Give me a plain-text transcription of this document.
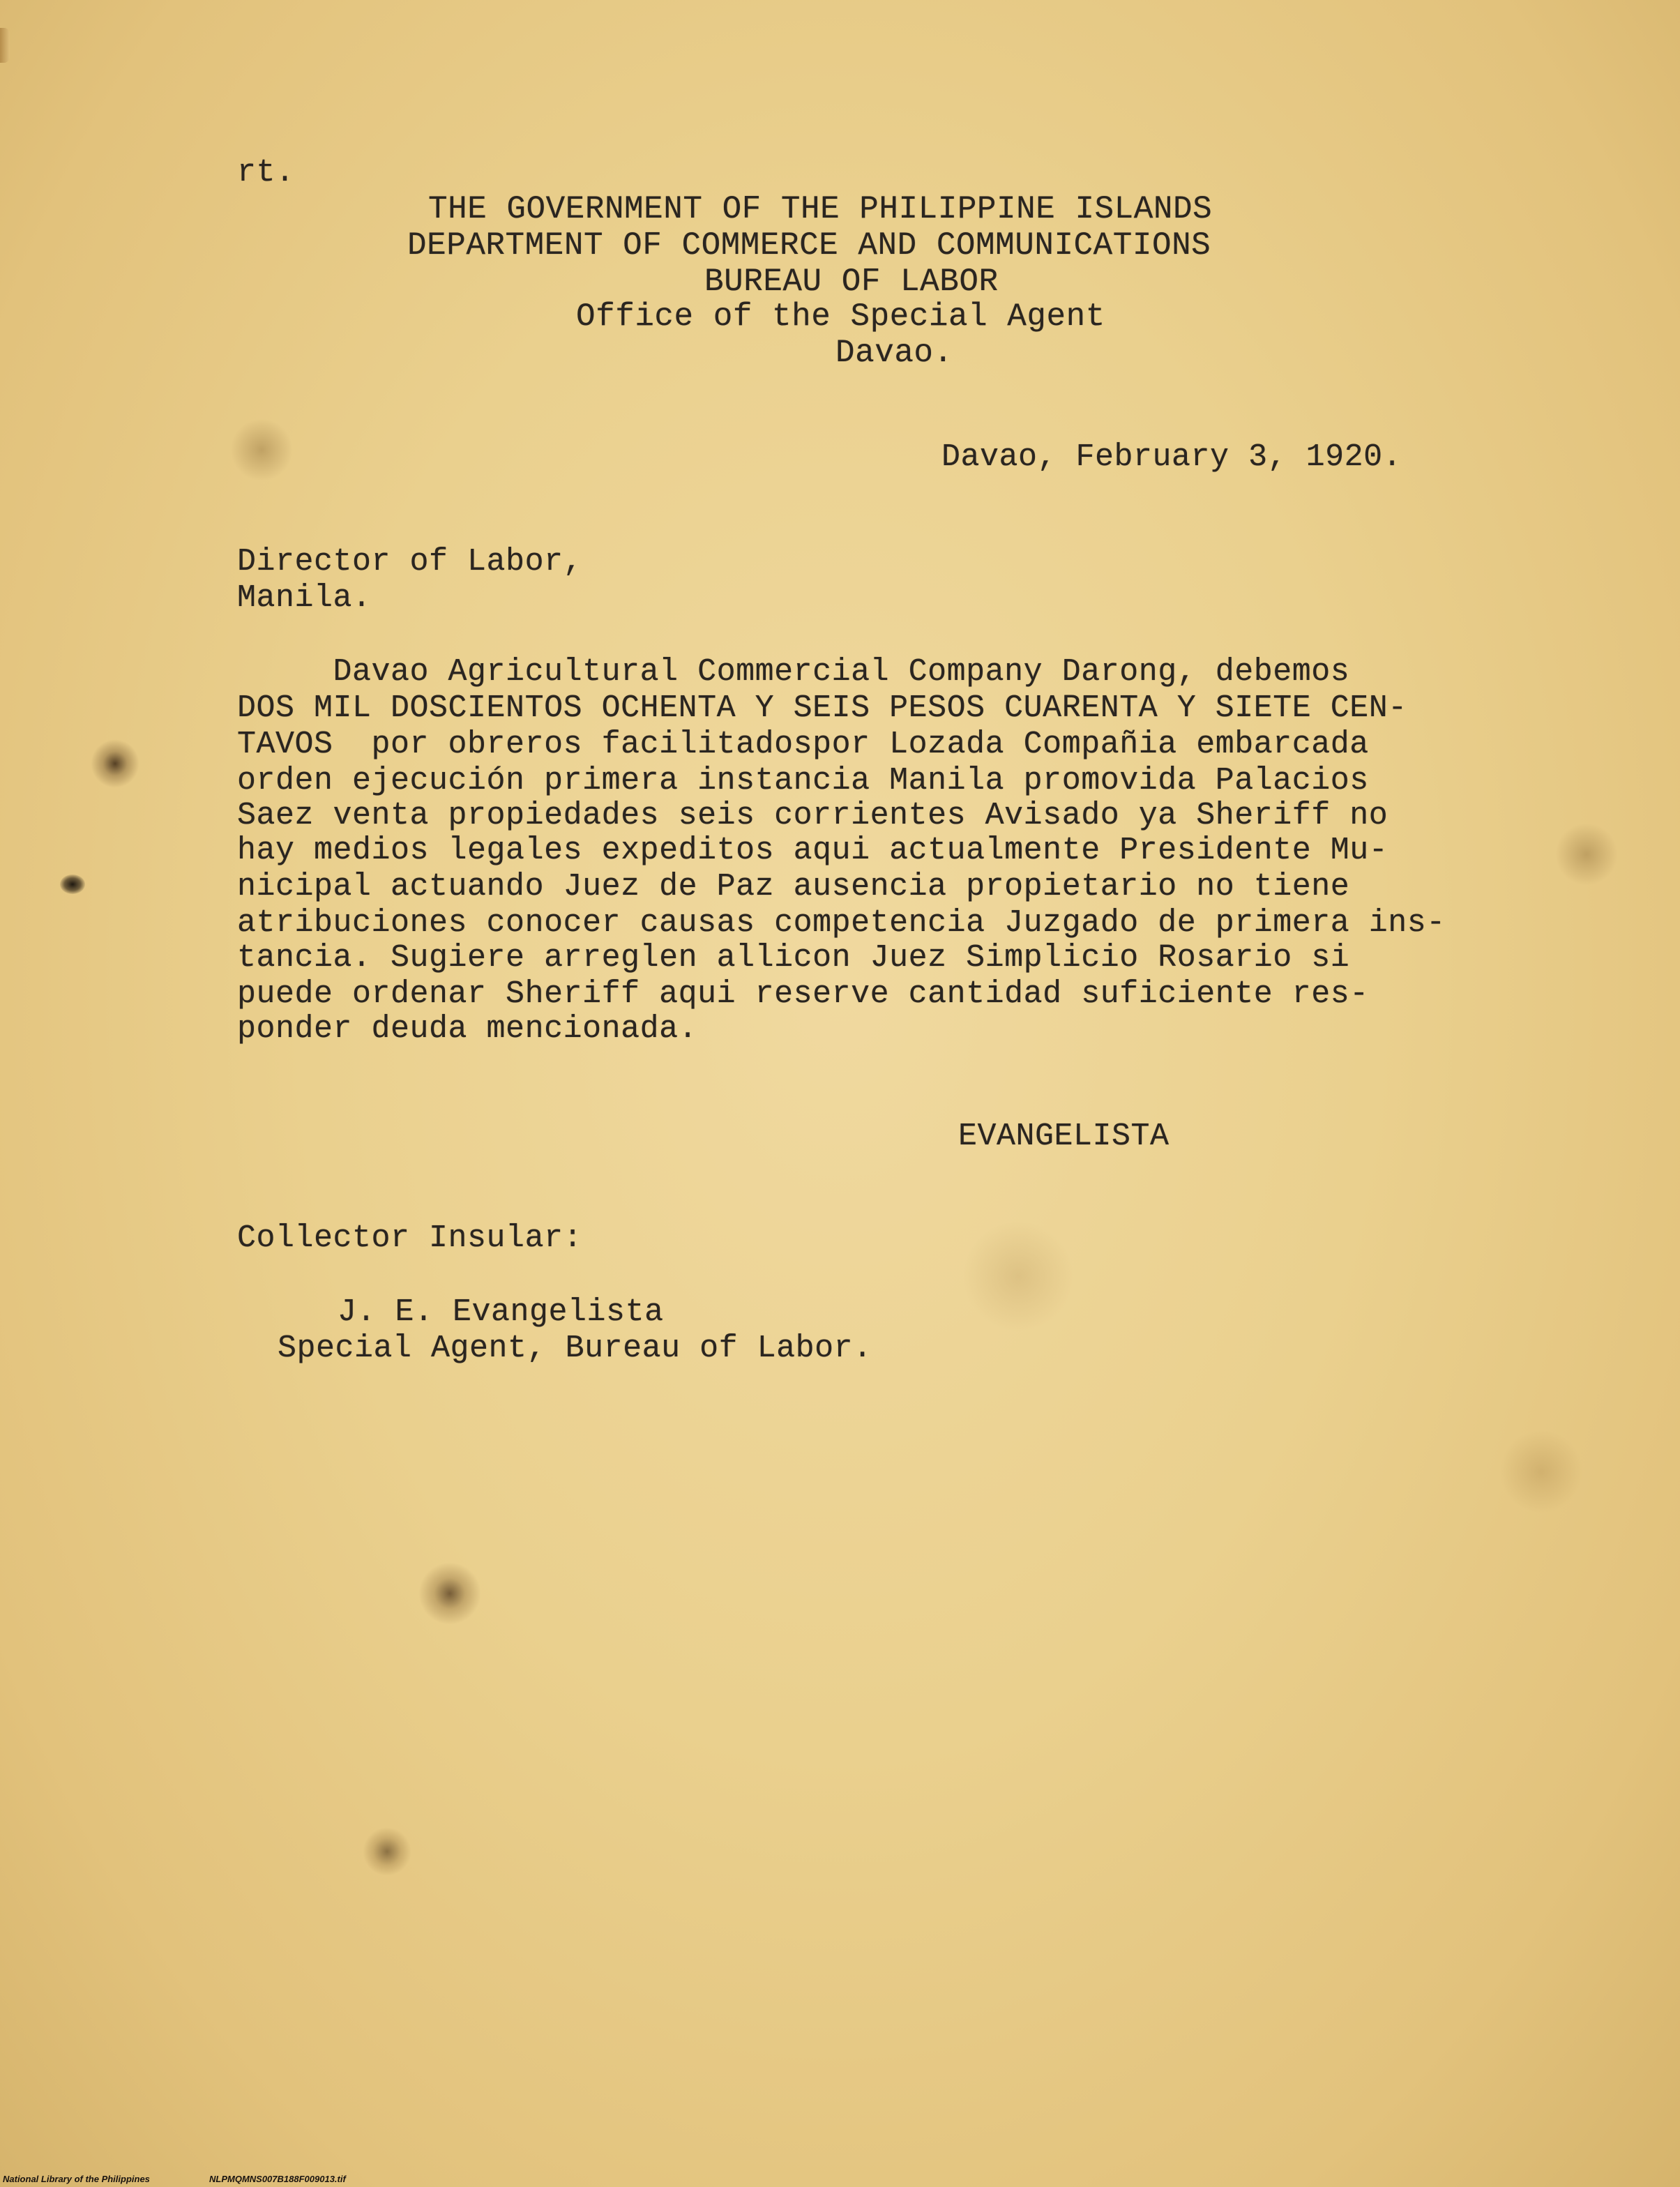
rt.
THE GOVERNMENT OF THE PHILIPPINE ISLANDS
DEPARTMENT OF COMMERCE AND COMMUNICATIONS
BUREAU OF LABOR
Office of the Special Agent
Davao.
Davao, February 3, 1920.
Director of Labor,
Manila.
Davao Agricultural Commercial Company Darong, debemos
DOS MIL DOSCIENTOS OCHENTA Y SEIS PESOS CUARENTA Y SIETE CEN-
TAVOS  por obreros facilitadospor Lozada Compañia embarcada
orden ejecución primera instancia Manila promovida Palacios
Saez venta propiedades seis corrientes Avisado ya Sheriff no
hay medios legales expeditos aqui actualmente Presidente Mu-
nicipal actuando Juez de Paz ausencia propietario no tiene
atribuciones conocer causas competencia Juzgado de primera ins-
tancia. Sugiere arreglen allicon Juez Simplicio Rosario si
puede ordenar Sheriff aqui reserve cantidad suficiente res-
ponder deuda mencionada.
EVANGELISTA
Collector Insular:
J. E. Evangelista
Special Agent, Bureau of Labor.
National Library of the Philippines	NLPMQMNS007B188F009013.tif
